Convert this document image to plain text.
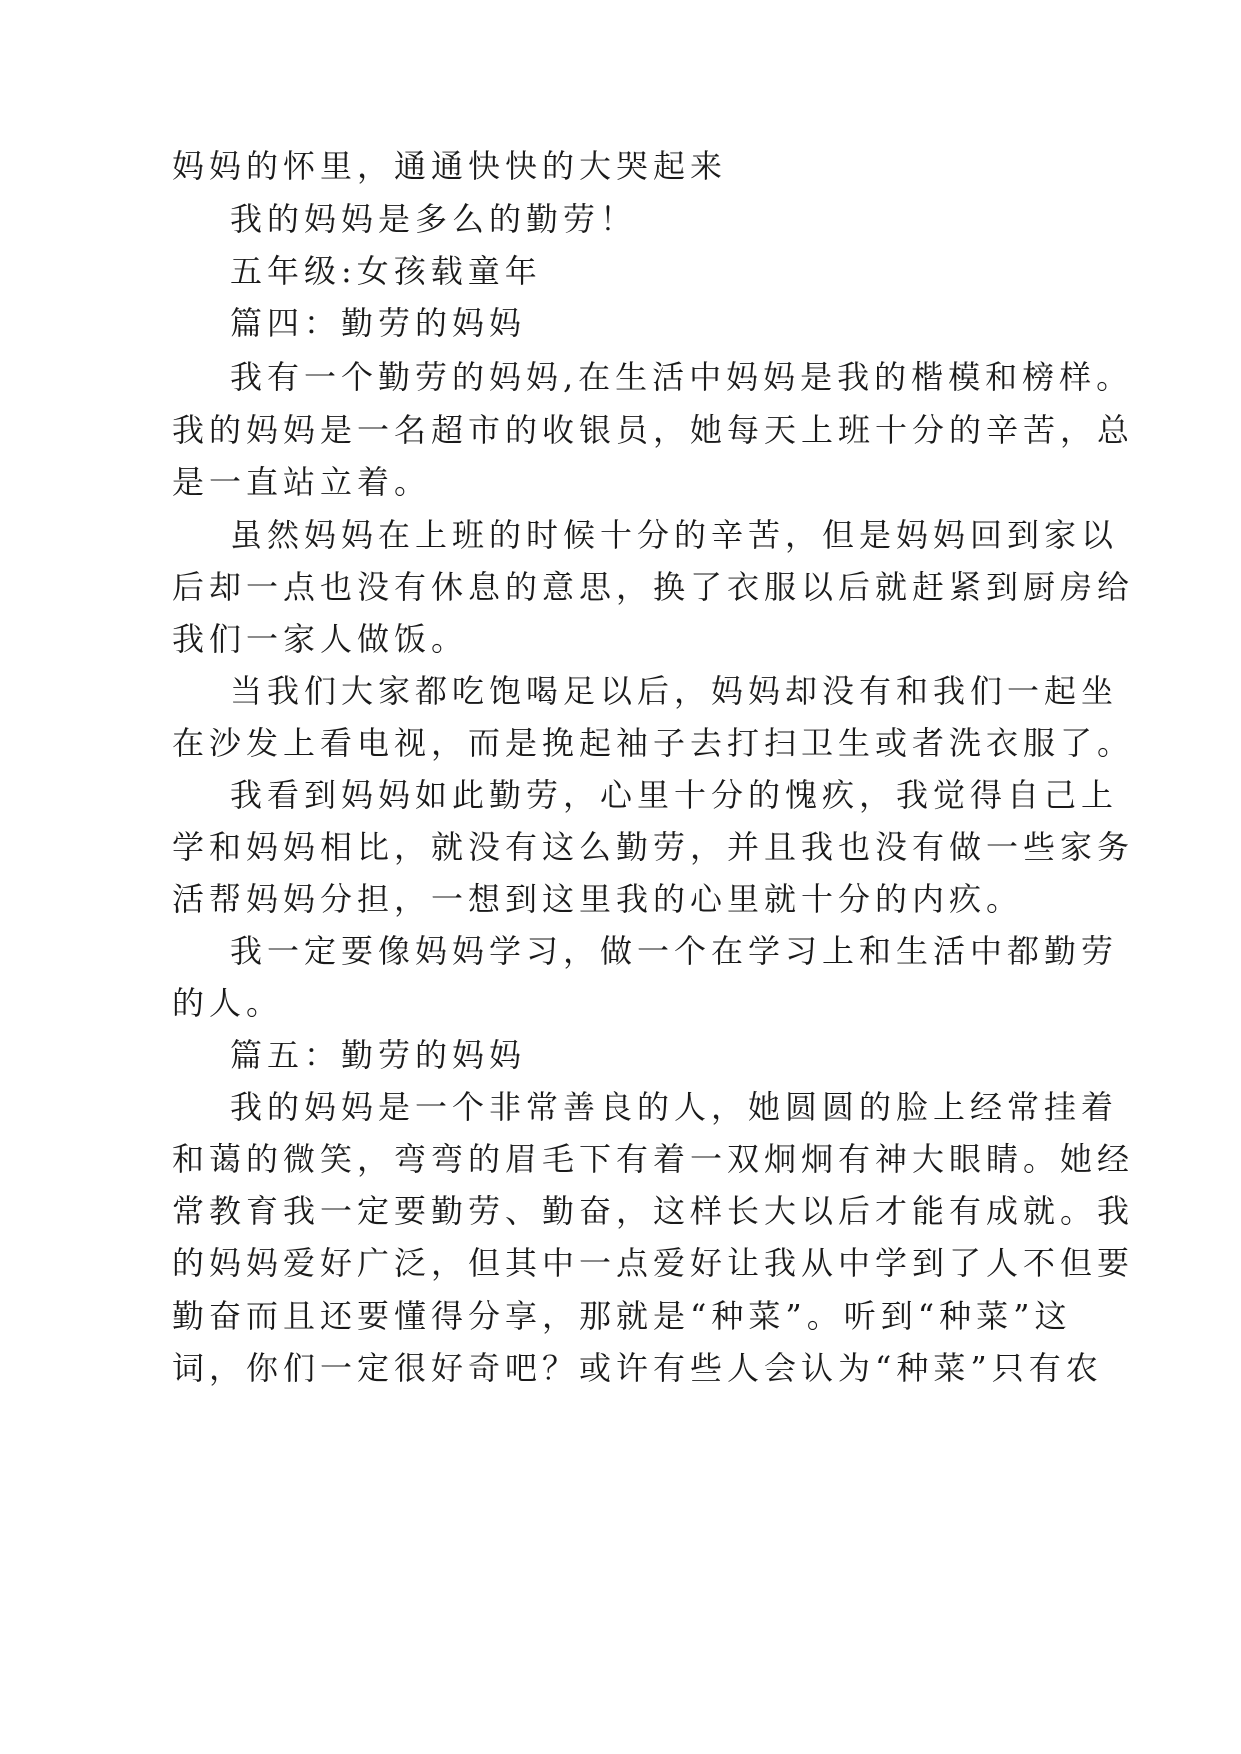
妈妈的怀里，通通快快的大哭起来
我的妈妈是多么的勤劳！
五年级:女孩载童年
篇四：勤劳的妈妈
我有一个勤劳的妈妈,在生活中妈妈是我的楷模和榜样。
我的妈妈是一名超市的收银员，她每天上班十分的辛苦，总
是一直站立着。
虽然妈妈在上班的时候十分的辛苦，但是妈妈回到家以
后却一点也没有休息的意思，换了衣服以后就赶紧到厨房给
我们一家人做饭。
当我们大家都吃饱喝足以后，妈妈却没有和我们一起坐
在沙发上看电视，而是挽起袖子去打扫卫生或者洗衣服了。
我看到妈妈如此勤劳，心里十分的愧疚，我觉得自己上
学和妈妈相比，就没有这么勤劳，并且我也没有做一些家务
活帮妈妈分担，一想到这里我的心里就十分的内疚。
我一定要像妈妈学习，做一个在学习上和生活中都勤劳
的人。
篇五：勤劳的妈妈
我的妈妈是一个非常善良的人，她圆圆的脸上经常挂着
和蔼的微笑，弯弯的眉毛下有着一双炯炯有神大眼睛。她经
常教育我一定要勤劳、勤奋，这样长大以后才能有成就。我
的妈妈爱好广泛，但其中一点爱好让我从中学到了人不但要
勤奋而且还要懂得分享，那就是“种菜”。听到“种菜”这
词，你们一定很好奇吧？或许有些人会认为“种菜”只有农
